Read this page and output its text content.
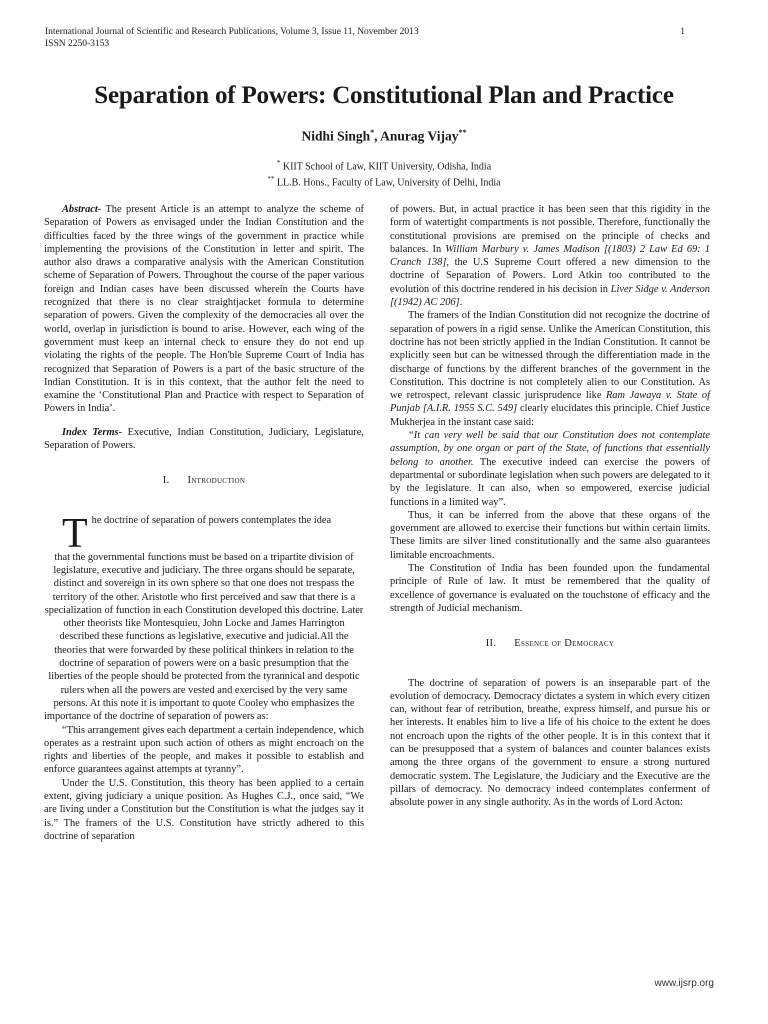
International Journal of Scientific and Research Publications, Volume 3, Issue 11, November 2013
ISSN 2250-3153
1
Separation of Powers: Constitutional Plan and Practice
Nidhi Singh*, Anurag Vijay**
* KIIT School of Law, KIIT University, Odisha, India
** LL.B. Hons., Faculty of Law, University of Delhi, India

Abstract- The present Article is an attempt to analyze the scheme of Separation of Powers as envisaged under the Indian Constitution and the difficulties faced by the three wings of the government in practice while implementing the provisions of the Constitution in letter and spirit. The author also draws a comparative analysis with the American Constitution scheme of Separation of Powers. Throughout the course of the paper various foreign and Indian cases have been discussed wherein the Courts have recognized that there is no clear straightjacket formula to determine separation of powers. Given the complexity of the democracies all over the world, overlap in jurisdiction is bound to arise. However, each wing of the government must keep an internal check to ensure they do not end up violating the rights of the people. The Hon'ble Supreme Court of India has recognized that Separation of Powers is a part of the basic structure of the Indian Constitution. It is in this context, that the author felt the need to examine the ‘Constitutional Plan and Practice with respect to Separation of Powers in India’.

Index Terms- Executive, Indian Constitution, Judiciary, Legislature, Separation of Powers.

I. Introduction

The doctrine of separation of powers contemplates the idea

that the governmental functions must be based on a tripartite division of legislature, executive and judiciary. The three organs should be separate, distinct and sovereign in its own sphere so that one does not trespass the territory of the other. Aristotle who first perceived and saw that there is a specialization of function in each Constitution developed this doctrine. Later other theorists like Montesquieu, John Locke and James Harrington described these functions as legislative, executive and judicial.All the theories that were forwarded by these political thinkers in relation to the doctrine of separation of powers were on a basic presumption that the liberties of the people should be protected from the tyrannical and despotic rulers when all the powers are vested and exercised by the very same persons. At this note it is important to quote Cooley who emphasizes the

importance of the doctrine of separation of powers as:

“This arrangement gives each department a certain independence, which operates as a restraint upon such action of others as might encroach on the rights and liberties of the people, and makes it possible to establish and enforce guarantees against attempts at tyranny”.

Under the U.S. Constitution, this theory has been applied to a certain extent, giving judiciary a unique position. As Hughes C.J., once said, “We are living under a Constitution but the Constitution is what the judges say it is.” The framers of the U.S. Constitution have strictly adhered to this doctrine of separation

of powers. But, in actual practice it has been seen that this rigidity in the form of watertight compartments is not possible. Therefore, functionally the constitutional provisions are premised on the principle of checks and balances. In William Marbury v. James Madison [(1803) 2 Law Ed 69: 1 Cranch 138], the U.S Supreme Court offered a new dimension to the doctrine of Separation of Powers. Lord Atkin too contributed to the evolution of this doctrine rendered in his decision in Liver Sidge v. Anderson [(1942) AC 206].

The framers of the Indian Constitution did not recognize the doctrine of separation of powers in a rigid sense. Unlike the American Constitution, this doctrine has not been strictly applied in the Indian Constitution. It cannot be explicitly seen but can be witnessed through the differentiation made in the discharge of functions by the different branches of the government in the Constitution. This doctrine is not completely alien to our Constitution. As we retrospect, relevant classic jurisprudence like Ram Jawaya v. State of Punjab [A.I.R. 1955 S.C. 549] clearly elucidates this principle. Chief Justice Mukherjea in the instant case said:

“It can very well be said that our Constitution does not contemplate assumption, by one organ or part of the State, of functions that essentially belong to another. The executive indeed can exercise the powers of departmental or subordinate legislation when such powers are delegated to it by the legislature. It can also, when so empowered, exercise judicial functions in a limited way”.

Thus, it can be inferred from the above that these organs of the government are allowed to exercise their functions but within certain limits. These limits are silver lined constitutionally and the same also guarantees limitable encroachments.

The Constitution of India has been founded upon the fundamental principle of Rule of law. It must be remembered that the quality of excellence of governance is evaluated on the touchstone of efficacy and the strength of Judicial mechanism.

II. Essence of Democracy

The doctrine of separation of powers is an inseparable part of the evolution of democracy. Democracy dictates a system in which every citizen can, without fear of retribution, breathe, express himself, and pursue his or her interests. It enables him to live a life of his choice to the extent he does not encroach upon the rights of the other people. It is in this context that it can be presupposed that a system of balances and counter balances exists among the three organs of the government to ensure a strong nurtured democratic system. The Legislature, the Judiciary and the Executive are the pillars of democracy. No democracy indeed contemplates conferment of absolute power in any single authority. As in the words of Lord Acton:

www.ijsrp.org
